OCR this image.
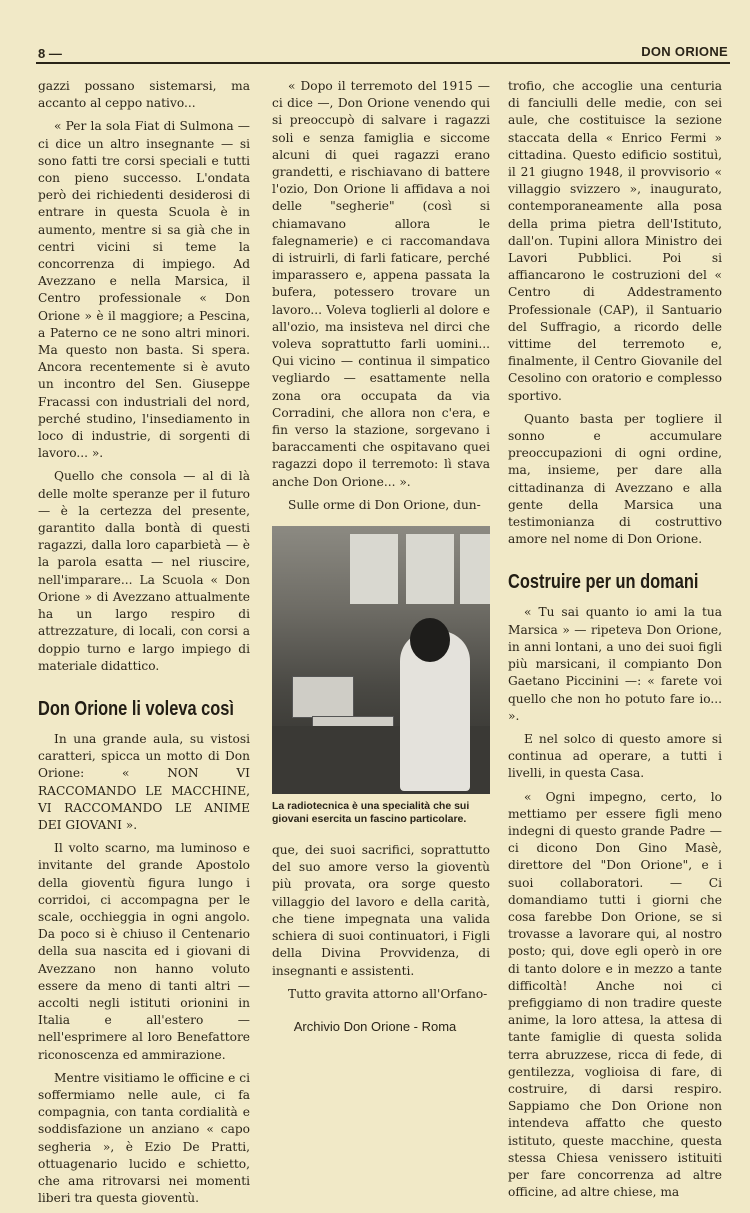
8 —	DON ORIONE

gazzi possano sistemarsi, ma accanto al ceppo nativo...

« Per la sola Fiat di Sulmona — ci dice un altro insegnante — si sono fatti tre corsi speciali e tutti con pieno successo. L'ondata però dei richiedenti desiderosi di entrare in questa Scuola è in aumento, mentre si sa già che in centri vicini si teme la concorrenza di impiego. Ad Avezzano e nella Marsica, il Centro professionale « Don Orione » è il maggiore; a Pescina, a Paterno ce ne sono altri minori. Ma questo non basta. Si spera. Ancora recentemente si è avuto un incontro del Sen. Giuseppe Fracassi con industriali del nord, perché studino, l'insediamento in loco di industrie, di sorgenti di lavoro... ».

Quello che consola — al di là delle molte speranze per il futuro — è la certezza del presente, garantito dalla bontà di questi ragazzi, dalla loro caparbietà — è la parola esatta — nel riuscire, nell'imparare... La Scuola « Don Orione » di Avezzano attualmente ha un largo respiro di attrezzature, di locali, con corsi a doppio turno e largo impiego di materiale didattico.

Don Orione li voleva così

In una grande aula, su vistosi caratteri, spicca un motto di Don Orione: « NON VI RACCOMANDO LE MACCHINE, VI RACCOMANDO LE ANIME DEI GIOVANI ».

Il volto scarno, ma luminoso e invitante del grande Apostolo della gioventù figura lungo i corridoi, ci accompagna per le scale, occhieggia in ogni angolo. Da poco si è chiuso il Centenario della sua nascita ed i giovani di Avezzano non hanno voluto essere da meno di tanti altri — accolti negli istituti orionini in Italia e all'estero — nell'esprimere al loro Benefattore riconoscenza ed ammirazione.

Mentre visitiamo le officine e ci soffermiamo nelle aule, ci fa compagnia, con tanta cordialità e soddisfazione un anziano « capo segheria », è Ezio De Pratti, ottuagenario lucido e schietto, che ama ritrovarsi nei momenti liberi tra questa gioventù.

« Dopo il terremoto del 1915 — ci dice —, Don Orione venendo qui si preoccupò di salvare i ragazzi soli e senza famiglia e siccome alcuni di quei ragazzi erano grandetti, e rischiavano di battere l'ozio, Don Orione li affidava a noi delle "segherie" (così si chiamavano allora le falegnamerie) e ci raccomandava di istruirli, di farli faticare, perché imparassero e, appena passata la bufera, potessero trovare un lavoro... Voleva toglierli al dolore e all'ozio, ma insisteva nel dirci che voleva soprattutto farli uomini... Qui vicino — continua il simpatico vegliardo — esattamente nella zona ora occupata da via Corradini, che allora non c'era, e fin verso la stazione, sorgevano i baraccamenti che ospitavano quei ragazzi dopo il terremoto: lì stava anche Don Orione... ».

Sulle orme di Don Orione, dun-

La radiotecnica è una specialità che sui giovani esercita un fascino particolare.

que, dei suoi sacrifici, soprattutto del suo amore verso la gioventù più provata, ora sorge questo villaggio del lavoro e della carità, che tiene impegnata una valida schiera di suoi continuatori, i Figli della Divina Provvidenza, di insegnanti e assistenti.

Tutto gravita attorno all'Orfano-

trofio, che accoglie una centuria di fanciulli delle medie, con sei aule, che costituisce la sezione staccata della « Enrico Fermi » cittadina. Questo edificio sostituì, il 21 giugno 1948, il provvisorio « villaggio svizzero », inaugurato, contemporaneamente alla posa della prima pietra dell'Istituto, dall'on. Tupini allora Ministro dei Lavori Pubblici. Poi si affiancarono le costruzioni del « Centro di Addestramento Professionale (CAP), il Santuario del Suffragio, a ricordo delle vittime del terremoto e, finalmente, il Centro Giovanile del Cesolino con oratorio e complesso sportivo.

Quanto basta per togliere il sonno e accumulare preoccupazioni di ogni ordine, ma, insieme, per dare alla cittadinanza di Avezzano e alla gente della Marsica una testimonianza di costruttivo amore nel nome di Don Orione.

Costruire per un domani

« Tu sai quanto io ami la tua Marsica » — ripeteva Don Orione, in anni lontani, a uno dei suoi figli più marsicani, il compianto Don Gaetano Piccinini —: « farete voi quello che non ho potuto fare io... ».

E nel solco di questo amore si continua ad operare, a tutti i livelli, in questa Casa.

« Ogni impegno, certo, lo mettiamo per essere figli meno indegni di questo grande Padre — ci dicono Don Gino Masè, direttore del "Don Orione", e i suoi collaboratori. — Ci domandiamo tutti i giorni che cosa farebbe Don Orione, se si trovasse a lavorare qui, al nostro posto; qui, dove egli operò in ore di tanto dolore e in mezzo a tante difficoltà! Anche noi ci prefiggiamo di non tradire queste anime, la loro attesa, la attesa di tante famiglie di questa solida terra abruzzese, ricca di fede, di gentilezza, voglioisa di fare, di costruire, di darsi respiro. Sappiamo che Don Orione non intendeva affatto che questo istituto, queste macchine, questa stessa Chiesa venissero istituiti per fare concorrenza ad altre officine, ad altre chiese, ma

Archivio Don Orione - Roma
